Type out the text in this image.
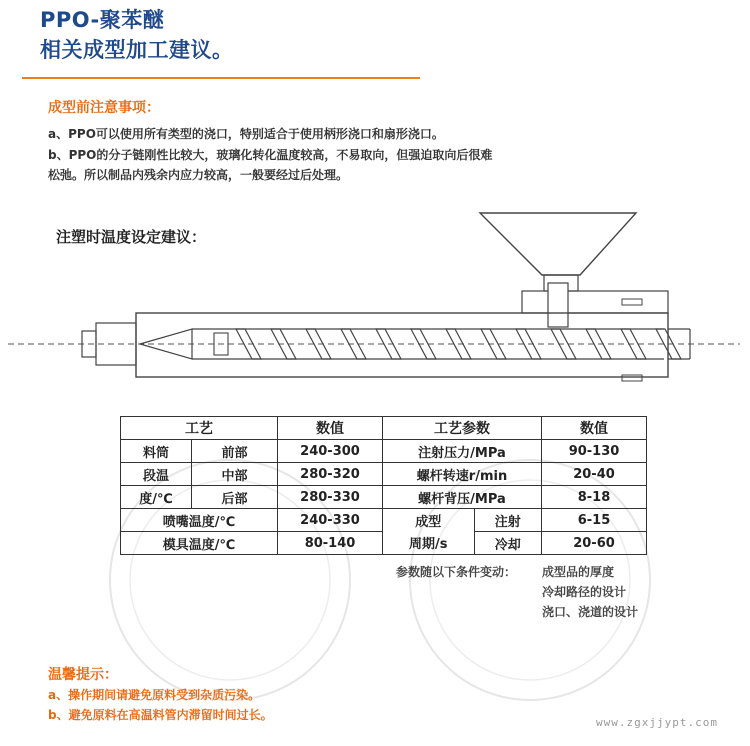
PPO-聚苯醚
相关成型加工建议。
成型前注意事项：
a、PPO可以使用所有类型的浇口，特别适合于使用柄形浇口和扇形浇口。
b、PPO的分子链刚性比较大，玻璃化转化温度较高，不易取向，但强迫取向后很难
松弛。所以制品内残余内应力较高，一般要经过后处理。
注塑时温度设定建议：
工艺		数值	工艺参数		数值
料筒	前部	240-300	注射压力/MPa		90-130
段温	中部	280-320	螺杆转速r/min		20-40
度/℃	后部	280-330	螺杆背压/MPa		8-18
喷嘴温度/℃		240-330	成型	注射	6-15
模具温度/℃		80-140	周期/s	冷却	20-60
参数随以下条件变动： 成型品的厚度
冷却路径的设计
浇口、浇道的设计
温馨提示：
a、操作期间请避免原料受到杂质污染。
b、避免原料在高温料管内滞留时间过长。
www.zgxjjypt.com
